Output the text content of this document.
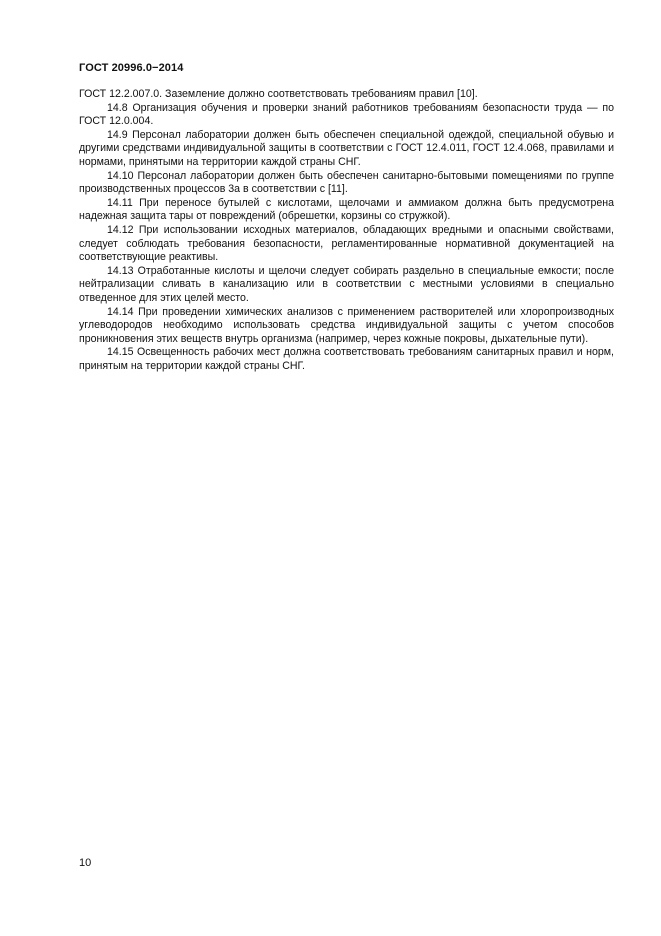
ГОСТ 20996.0−2014

ГОСТ 12.2.007.0. Заземление должно соответствовать требованиям правил [10].

14.8 Организация обучения и проверки знаний работников требованиям безопасности труда — по ГОСТ 12.0.004.

14.9 Персонал лаборатории должен быть обеспечен специальной одеждой, специальной обувью и другими средствами индивидуальной защиты в соответствии с ГОСТ 12.4.011, ГОСТ 12.4.068, правилами и нормами, принятыми на территории каждой страны СНГ.

14.10 Персонал лаборатории должен быть обеспечен санитарно-бытовыми помещениями по группе производственных процессов 3а в соответствии с [11].

14.11 При переносе бутылей с кислотами, щелочами и аммиаком должна быть предусмотрена надежная защита тары от повреждений (обрешетки, корзины со стружкой).

14.12 При использовании исходных материалов, обладающих вредными и опасными свойствами, следует соблюдать требования безопасности, регламентированные нормативной документацией на соответствующие реактивы.

14.13 Отработанные кислоты и щелочи следует собирать раздельно в специальные емкости; после нейтрализации сливать в канализацию или в соответствии с местными условиями в специально отведенное для этих целей место.

14.14 При проведении химических анализов с применением растворителей или хлоропроизводных углеводородов необходимо использовать средства индивидуальной защиты с учетом способов проникновения этих веществ внутрь организма (например, через кожные покровы, дыхательные пути).

14.15 Освещенность рабочих мест должна соответствовать требованиям санитарных правил и норм, принятым на территории каждой страны СНГ.

10
